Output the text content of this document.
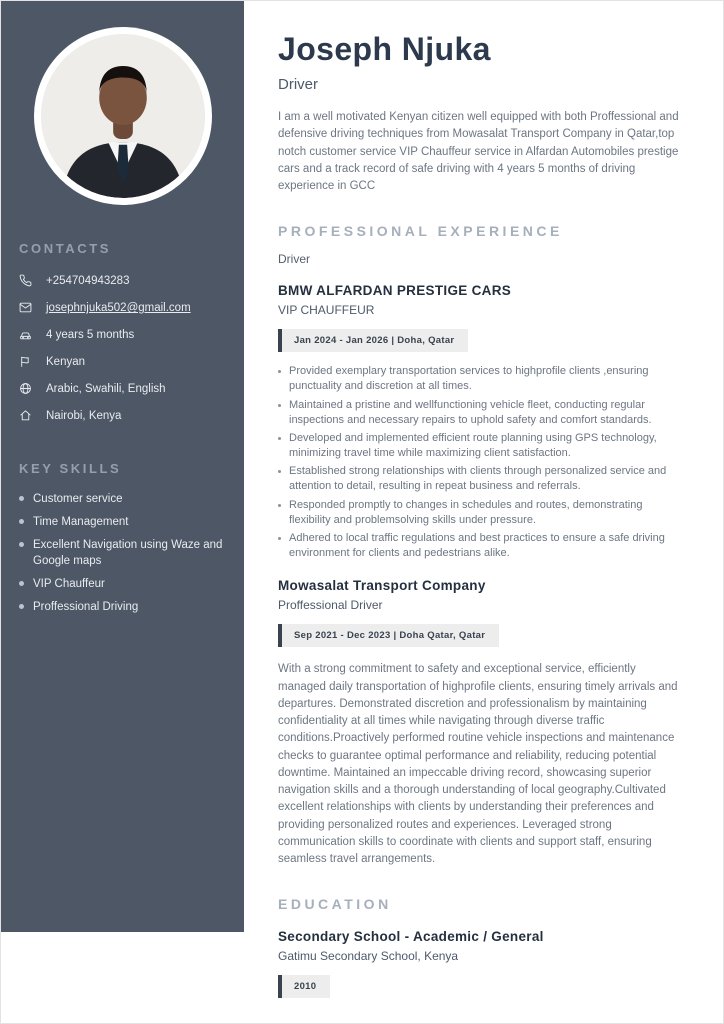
CONTACTS
+254704943283
josephnjuka502@gmail.com
4 years 5 months
Kenyan
Arabic, Swahili, English
Nairobi, Kenya
KEY SKILLS
Customer service
Time Management
Excellent Navigation using Waze and Google maps
VIP Chauffeur
Proffessional Driving
Joseph Njuka
Driver

I am a well motivated Kenyan citizen well equipped with both Proffessional and defensive driving techniques from Mowasalat Transport Company in Qatar,top notch customer service VIP Chauffeur service in Alfardan Automobiles prestige cars and a track record of safe driving with 4 years 5 months of driving experience in GCC

PROFESSIONAL EXPERIENCE
Driver
BMW ALFARDAN PRESTIGE CARS
VIP CHAUFFEUR
Jan 2024 - Jan 2026 | Doha, Qatar
Provided exemplary transportation services to highprofile clients ,ensuring punctuality and discretion at all times.
Maintained a pristine and wellfunctioning vehicle fleet, conducting regular inspections and necessary repairs to uphold safety and comfort standards.
Developed and implemented efficient route planning using GPS technology, minimizing travel time while maximizing client satisfaction.
Established strong relationships with clients through personalized service and attention to detail, resulting in repeat business and referrals.
Responded promptly to changes in schedules and routes, demonstrating flexibility and problemsolving skills under pressure.
Adhered to local traffic regulations and best practices to ensure a safe driving environment for clients and pedestrians alike.
Mowasalat Transport Company
Proffessional Driver
Sep 2021 - Dec 2023 | Doha Qatar, Qatar

With a strong commitment to safety and exceptional service, efficiently managed daily transportation of highprofile clients, ensuring timely arrivals and departures. Demonstrated discretion and professionalism by maintaining confidentiality at all times while navigating through diverse traffic conditions.Proactively performed routine vehicle inspections and maintenance checks to guarantee optimal performance and reliability, reducing potential downtime. Maintained an impeccable driving record, showcasing superior navigation skills and a thorough understanding of local geography.Cultivated excellent relationships with clients by understanding their preferences and providing personalized routes and experiences. Leveraged strong communication skills to coordinate with clients and support staff, ensuring seamless travel arrangements.

EDUCATION
Secondary School - Academic / General
Gatimu Secondary School, Kenya
2010
